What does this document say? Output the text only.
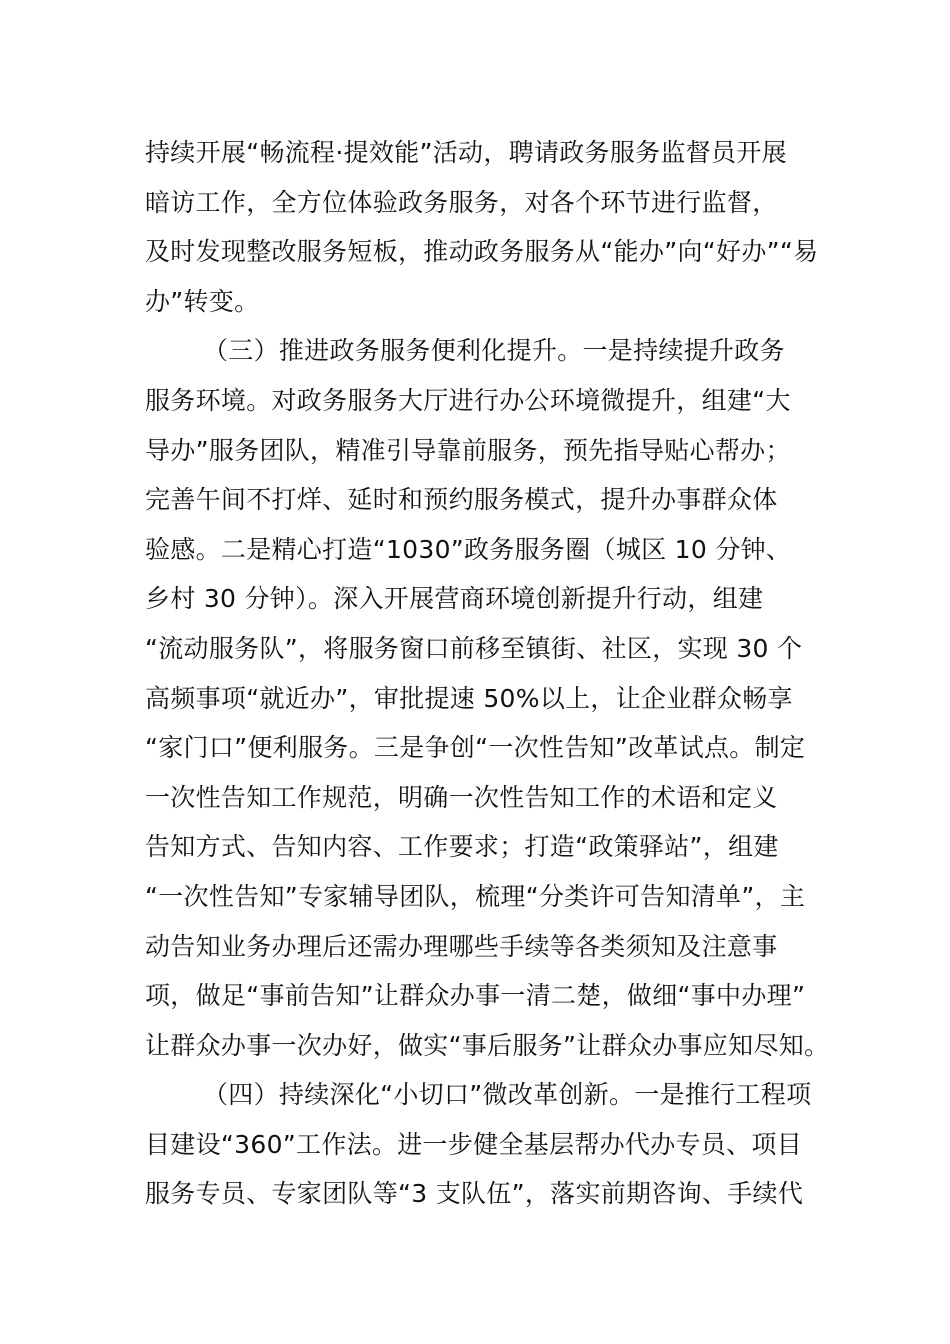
持续开展“畅流程·提效能”活动，聘请政务服务监督员开展
暗访工作，全方位体验政务服务，对各个环节进行监督，
及时发现整改服务短板，推动政务服务从“能办”向“好办”“易
办”转变。
（三）推进政务服务便利化提升。一是持续提升政务
服务环境。对政务服务大厅进行办公环境微提升，组建“大
导办”服务团队，精准引导靠前服务，预先指导贴心帮办；
完善午间不打烊、延时和预约服务模式，提升办事群众体
验感。二是精心打造“1030”政务服务圈（城区 10 分钟、
乡村 30 分钟）。深入开展营商环境创新提升行动，组建
“流动服务队”，将服务窗口前移至镇街、社区，实现 30 个
高频事项“就近办”，审批提速 50%以上，让企业群众畅享
“家门口”便利服务。三是争创“一次性告知”改革试点。制定
一次性告知工作规范，明确一次性告知工作的术语和定义
告知方式、告知内容、工作要求；打造“政策驿站”，组建
“一次性告知”专家辅导团队，梳理“分类许可告知清单”，主
动告知业务办理后还需办理哪些手续等各类须知及注意事
项，做足“事前告知”让群众办事一清二楚，做细“事中办理”
让群众办事一次办好，做实“事后服务”让群众办事应知尽知。
（四）持续深化“小切口”微改革创新。一是推行工程项
目建设“360”工作法。进一步健全基层帮办代办专员、项目
服务专员、专家团队等“3 支队伍”，落实前期咨询、手续代
